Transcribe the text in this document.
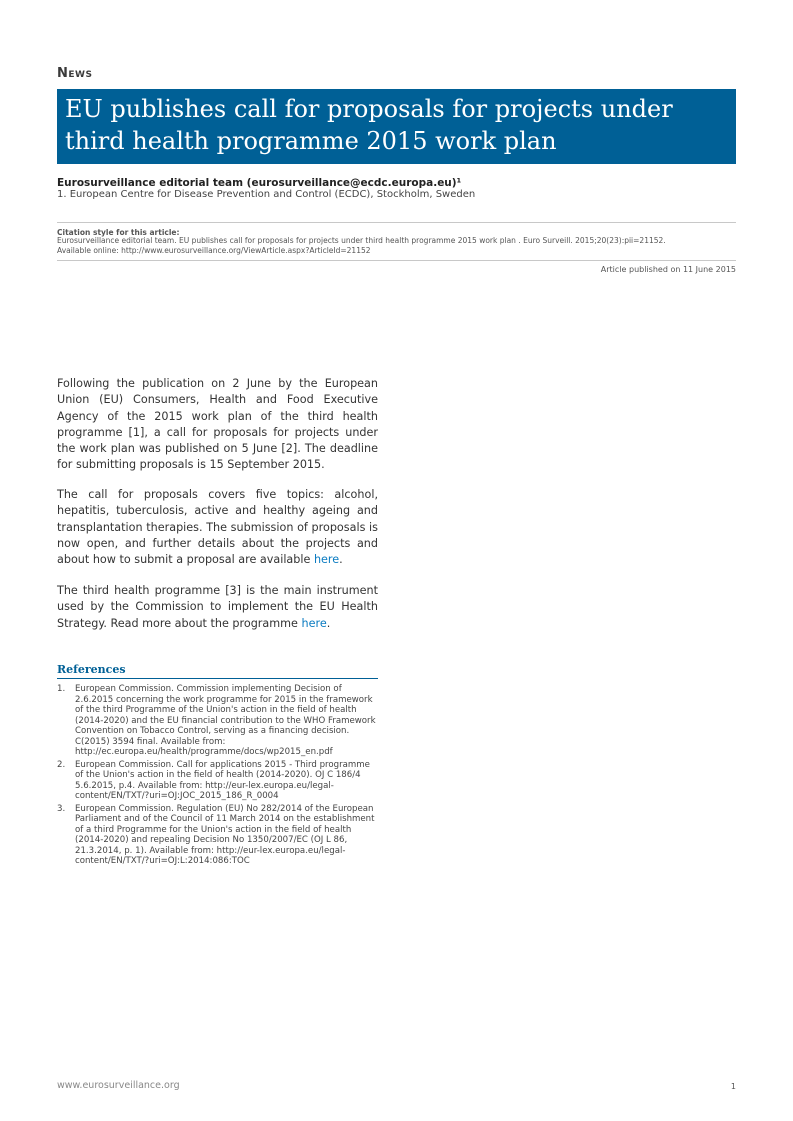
News
EU publishes call for proposals for projects under third health programme 2015 work plan
Eurosurveillance editorial team (eurosurveillance@ecdc.europa.eu)¹
1. European Centre for Disease Prevention and Control (ECDC), Stockholm, Sweden
Citation style for this article:
Eurosurveillance editorial team. EU publishes call for proposals for projects under third health programme 2015 work plan . Euro Surveill. 2015;20(23):pii=21152.
Available online: http://www.eurosurveillance.org/ViewArticle.aspx?ArticleId=21152
Article published on 11 June 2015

Following the publication on 2 June by the European Union (EU) Consumers, Health and Food Executive Agency of the 2015 work plan of the third health programme [1], a call for proposals for projects under the work plan was published on 5 June [2]. The deadline for submitting proposals is 15 September 2015.

The call for proposals covers five topics: alcohol, hepatitis, tuberculosis, active and healthy ageing and transplantation therapies. The submission of proposals is now open, and further details about the projects and about how to submit a proposal are available here.

The third health programme [3] is the main instrument used by the Commission to implement the EU Health Strategy. Read more about the programme here.

References
1. European Commission. Commission implementing Decision of 2.6.2015 concerning the work programme for 2015 in the framework of the third Programme of the Union's action in the field of health (2014-2020) and the EU financial contribution to the WHO Framework Convention on Tobacco Control, serving as a financing decision. C(2015) 3594 final. Available from: http://ec.europa.eu/health/programme/docs/wp2015_en.pdf
2. European Commission. Call for applications 2015 - Third programme of the Union's action in the field of health (2014-2020). OJ C 186/4 5.6.2015, p.4. Available from: http://eur-lex.europa.eu/legal-content/EN/TXT/?uri=OJ:JOC_2015_186_R_0004
3. European Commission. Regulation (EU) No 282/2014 of the European Parliament and of the Council of 11 March 2014 on the establishment of a third Programme for the Union's action in the field of health (2014-2020) and repealing Decision No 1350/2007/EC (OJ L 86, 21.3.2014, p. 1). Available from: http://eur-lex.europa.eu/legal-content/EN/TXT/?uri=OJ:L:2014:086:TOC
www.eurosurveillance.org	1
